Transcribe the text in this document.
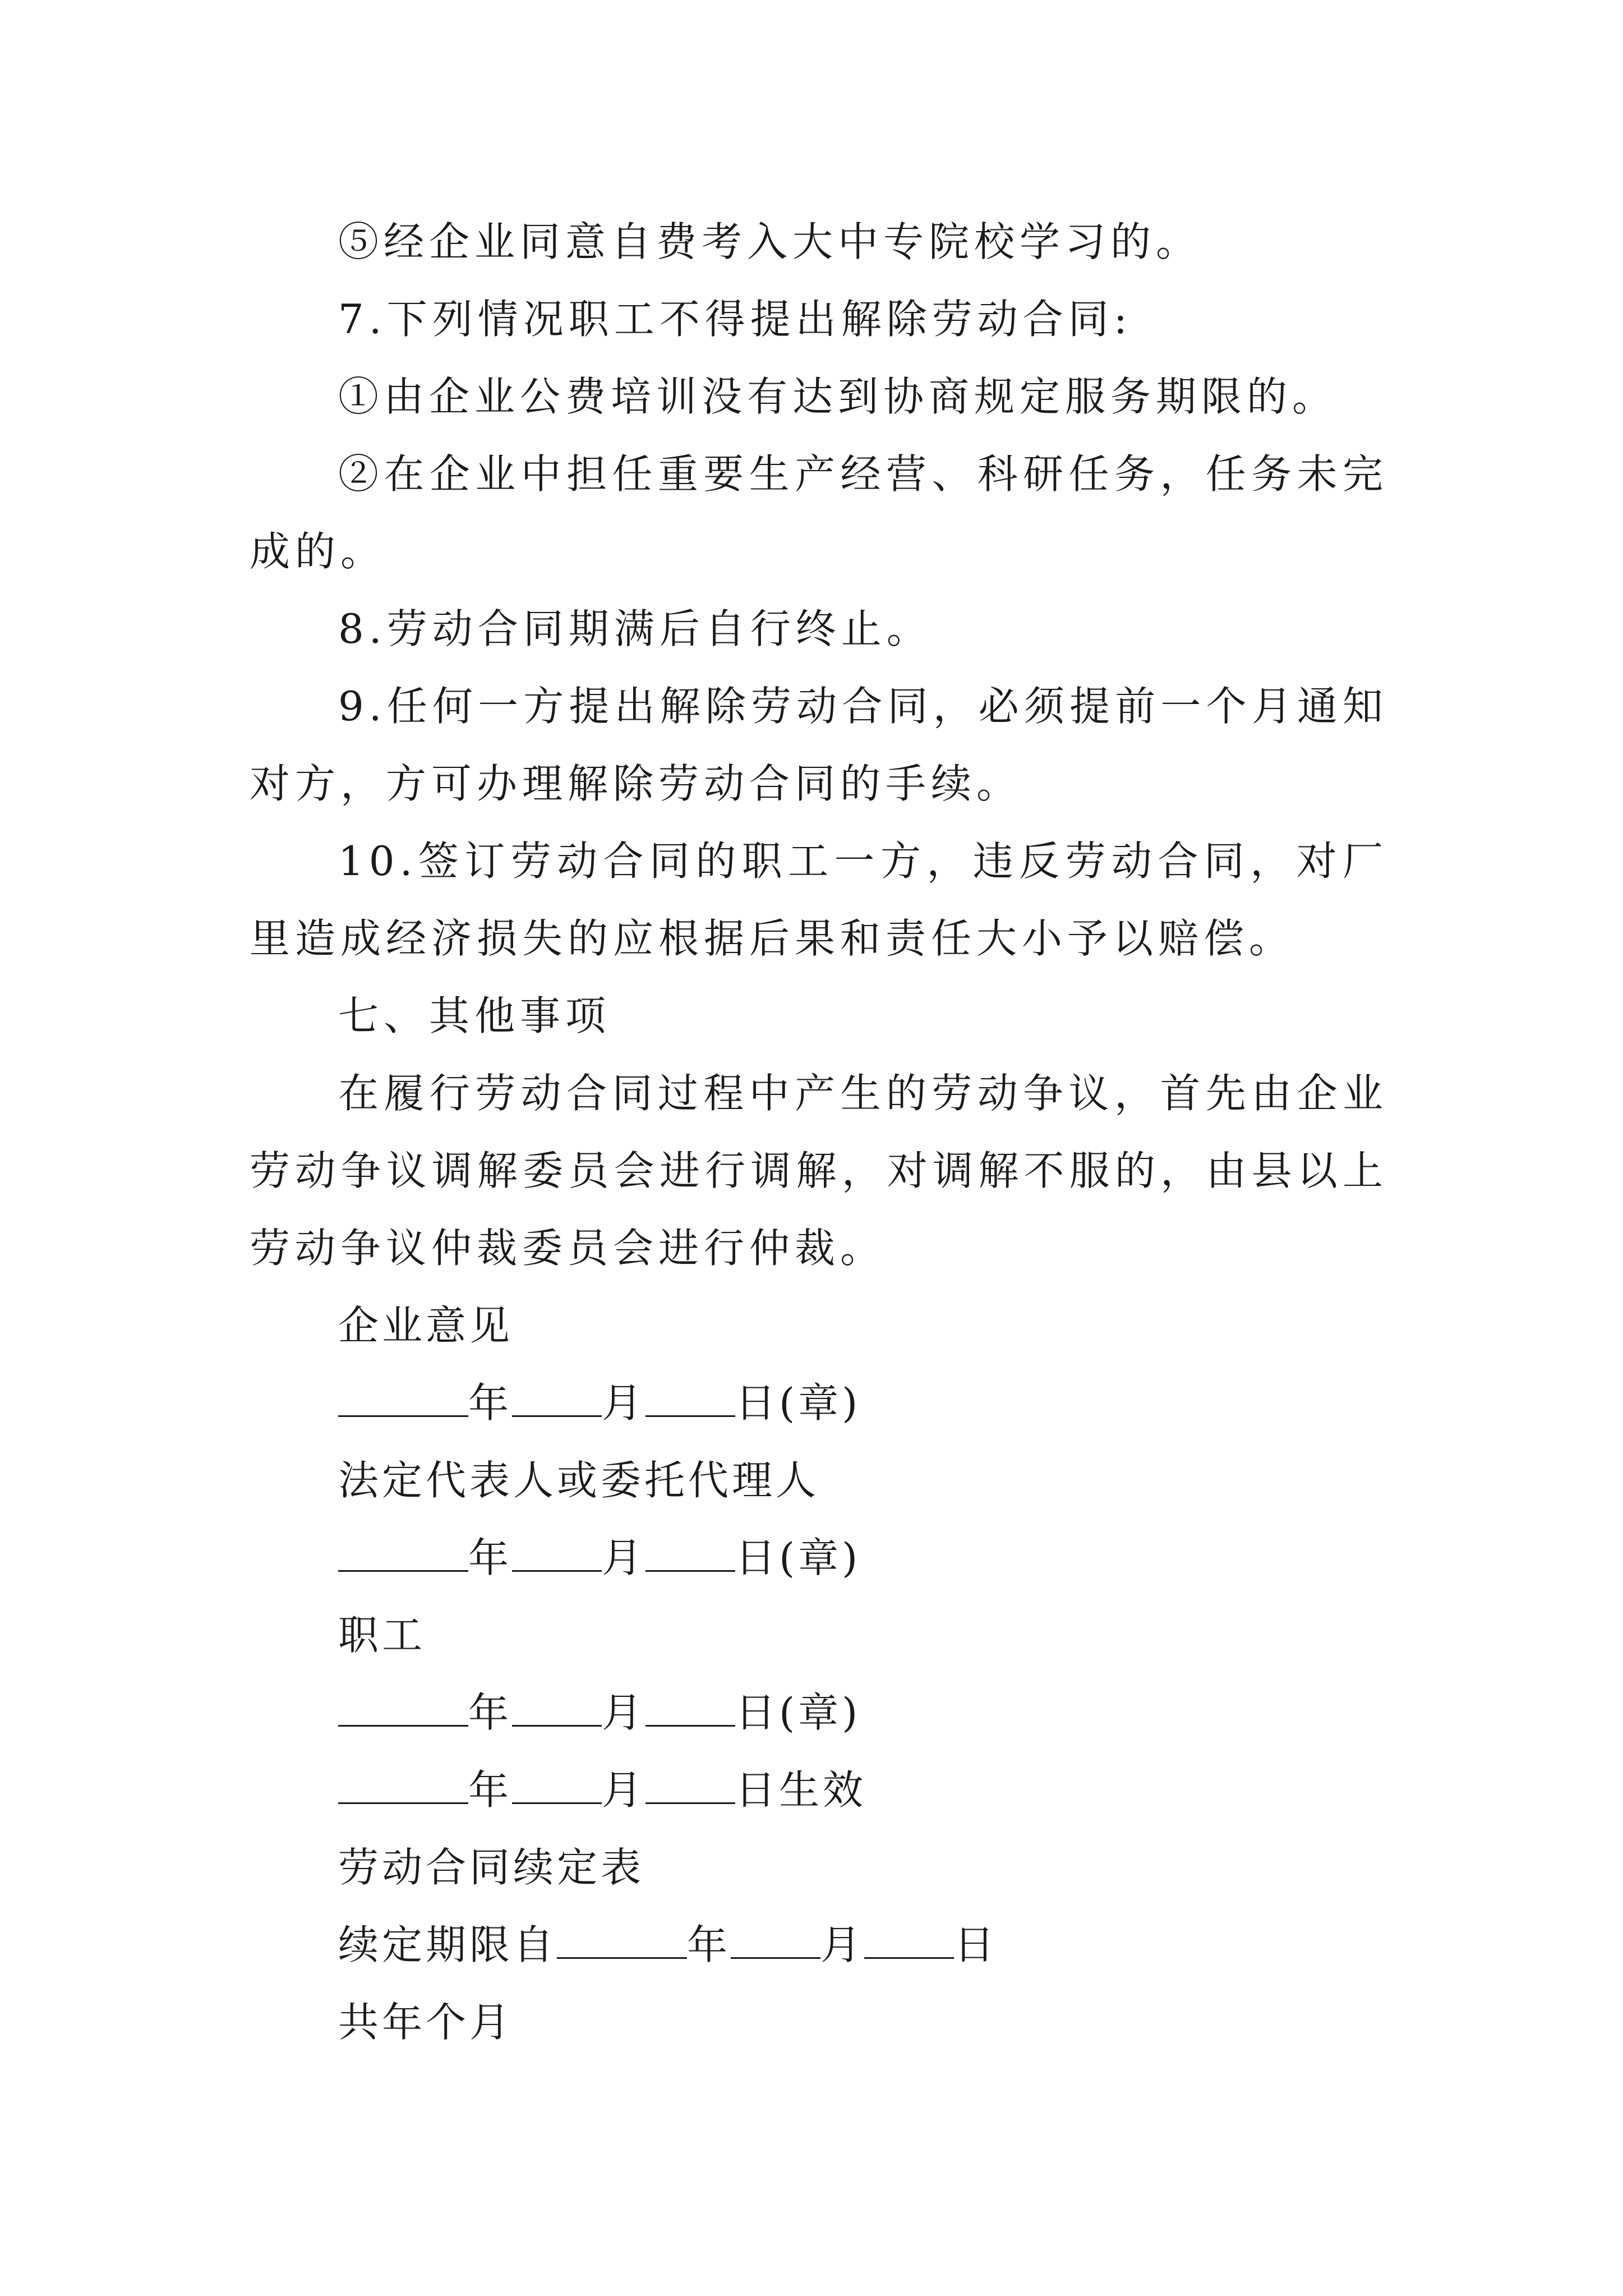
⑤经企业同意自费考入大中专院校学习的。

7.下列情况职工不得提出解除劳动合同:

①由企业公费培训没有达到协商规定服务期限的。

②在企业中担任重要生产经营、科研任务，任务未完成的。

8.劳动合同期满后自行终止。

9.任何一方提出解除劳动合同，必须提前一个月通知对方，方可办理解除劳动合同的手续。

10.签订劳动合同的职工一方，违反劳动合同，对厂里造成经济损失的应根据后果和责任大小予以赔偿。

七、其他事项

在履行劳动合同过程中产生的劳动争议，首先由企业劳动争议调解委员会进行调解，对调解不服的，由县以上劳动争议仲裁委员会进行仲裁。

企业意见

年 月 日(章)

法定代表人或委托代理人

年 月 日(章)

职工

年 月 日(章)

年 月 日生效

劳动合同续定表

续定期限自	年 月 日

共年个月
